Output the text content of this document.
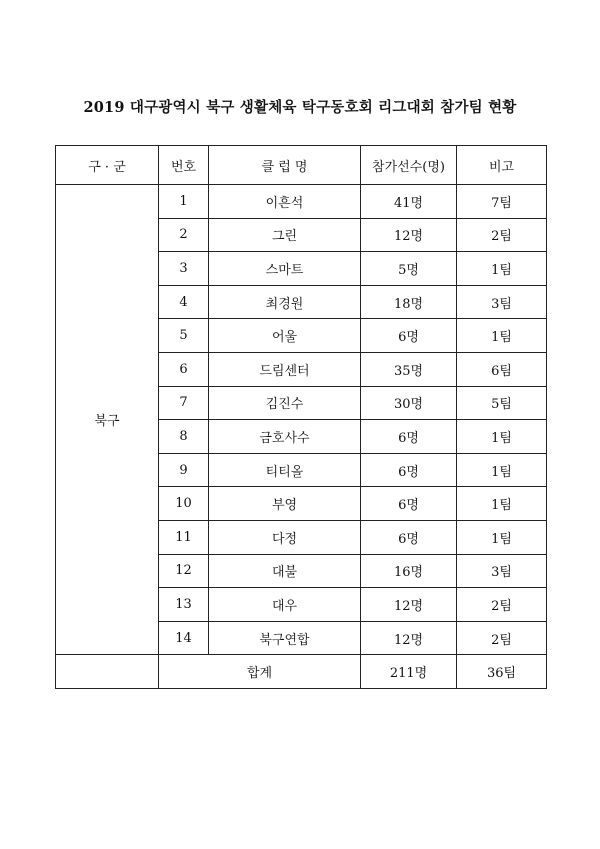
2019 대구광역시 북구 생활체육 탁구동호회 리그대회 참가팀 현황
구 · 군	번호	클 럽 명	참가선수(명)	비고
북구	1	이흔석	41명	7팀
	2	그린	12명	2팀
	3	스마트	5명	1팀
	4	최경원	18명	3팀
	5	어울	6명	1팀
	6	드림센터	35명	6팀
	7	김진수	30명	5팀
	8	금호사수	6명	1팀
	9	티티올	6명	1팀
	10	부영	6명	1팀
	11	다정	6명	1팀
	12	대불	16명	3팀
	13	대우	12명	2팀
	14	북구연합	12명	2팀
	합계		211명	36팀
